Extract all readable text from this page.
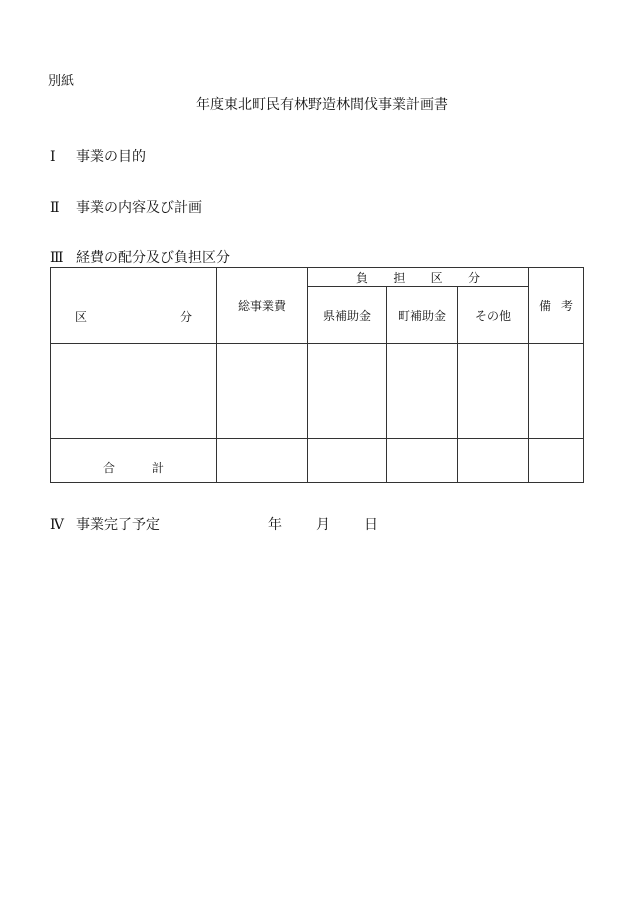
別紙
年度東北町民有林野造林間伐事業計画書
Ⅰ 事業の目的
Ⅱ 事業の内容及び計画
Ⅲ 経費の配分及び負担区分
区 分	総事業費	負 担 区 分			備 考

		県補助金	町補助金	その他	

合 計					

Ⅳ 事業完了予定	年 月 日
